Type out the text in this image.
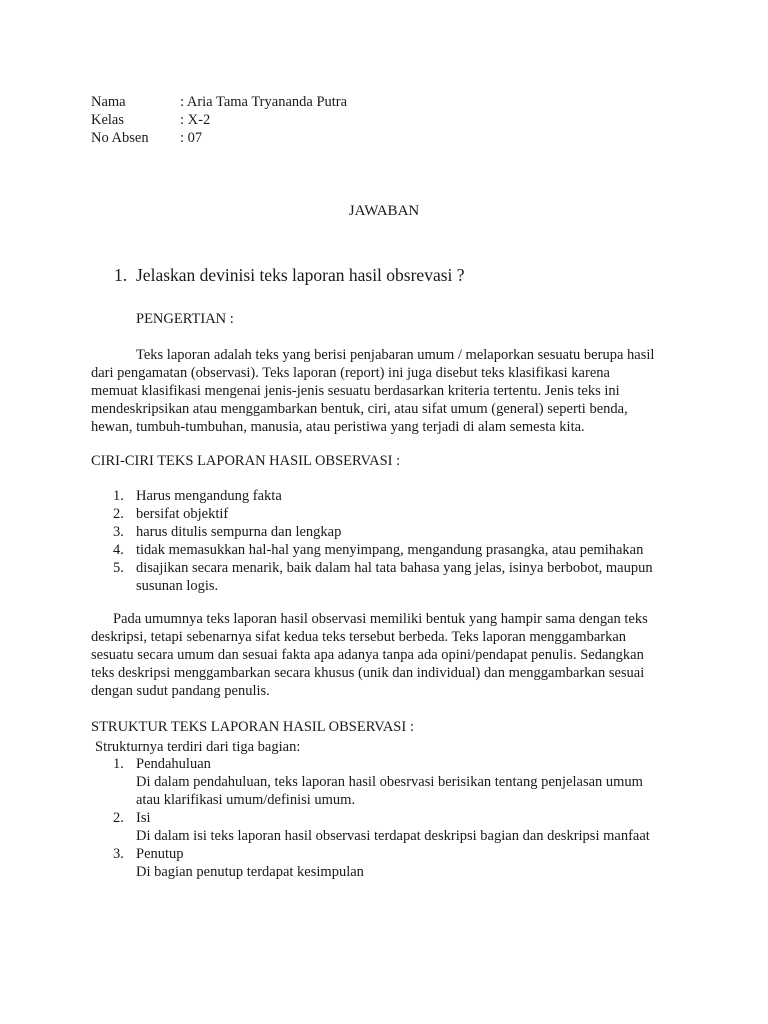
Nama	: Aria Tama Tryananda Putra
Kelas	: X-2
No Absen	: 07
JAWABAN
1. Jelaskan devinisi teks laporan hasil obsrevasi ?
PENGERTIAN :
Teks laporan adalah teks yang berisi penjabaran umum / melaporkan sesuatu berupa hasil
dari pengamatan (observasi). Teks laporan (report) ini juga disebut teks klasifikasi karena
memuat klasifikasi mengenai jenis-jenis sesuatu berdasarkan kriteria tertentu. Jenis teks ini
mendeskripsikan atau menggambarkan bentuk, ciri, atau sifat umum (general) seperti benda,
hewan, tumbuh-tumbuhan, manusia, atau peristiwa yang terjadi di alam semesta kita.
CIRI-CIRI TEKS LAPORAN HASIL OBSERVASI :
1. Harus mengandung fakta
2. bersifat objektif
3. harus ditulis sempurna dan lengkap
4. tidak memasukkan hal-hal yang menyimpang, mengandung prasangka, atau pemihakan
5. disajikan secara menarik, baik dalam hal tata bahasa yang jelas, isinya berbobot, maupun
susunan logis.
Pada umumnya teks laporan hasil observasi memiliki bentuk yang hampir sama dengan teks
deskripsi, tetapi sebenarnya sifat kedua teks tersebut berbeda. Teks laporan menggambarkan
sesuatu secara umum dan sesuai fakta apa adanya tanpa ada opini/pendapat penulis. Sedangkan
teks deskripsi menggambarkan secara khusus (unik dan individual) dan menggambarkan sesuai
dengan sudut pandang penulis.
STRUKTUR TEKS LAPORAN HASIL OBSERVASI :
Strukturnya terdiri dari tiga bagian:
1. Pendahuluan
Di dalam pendahuluan, teks laporan hasil obesrvasi berisikan tentang penjelasan umum
atau klarifikasi umum/definisi umum.
2. Isi
Di dalam isi teks laporan hasil observasi terdapat deskripsi bagian dan deskripsi manfaat
3. Penutup
Di bagian penutup terdapat kesimpulan
